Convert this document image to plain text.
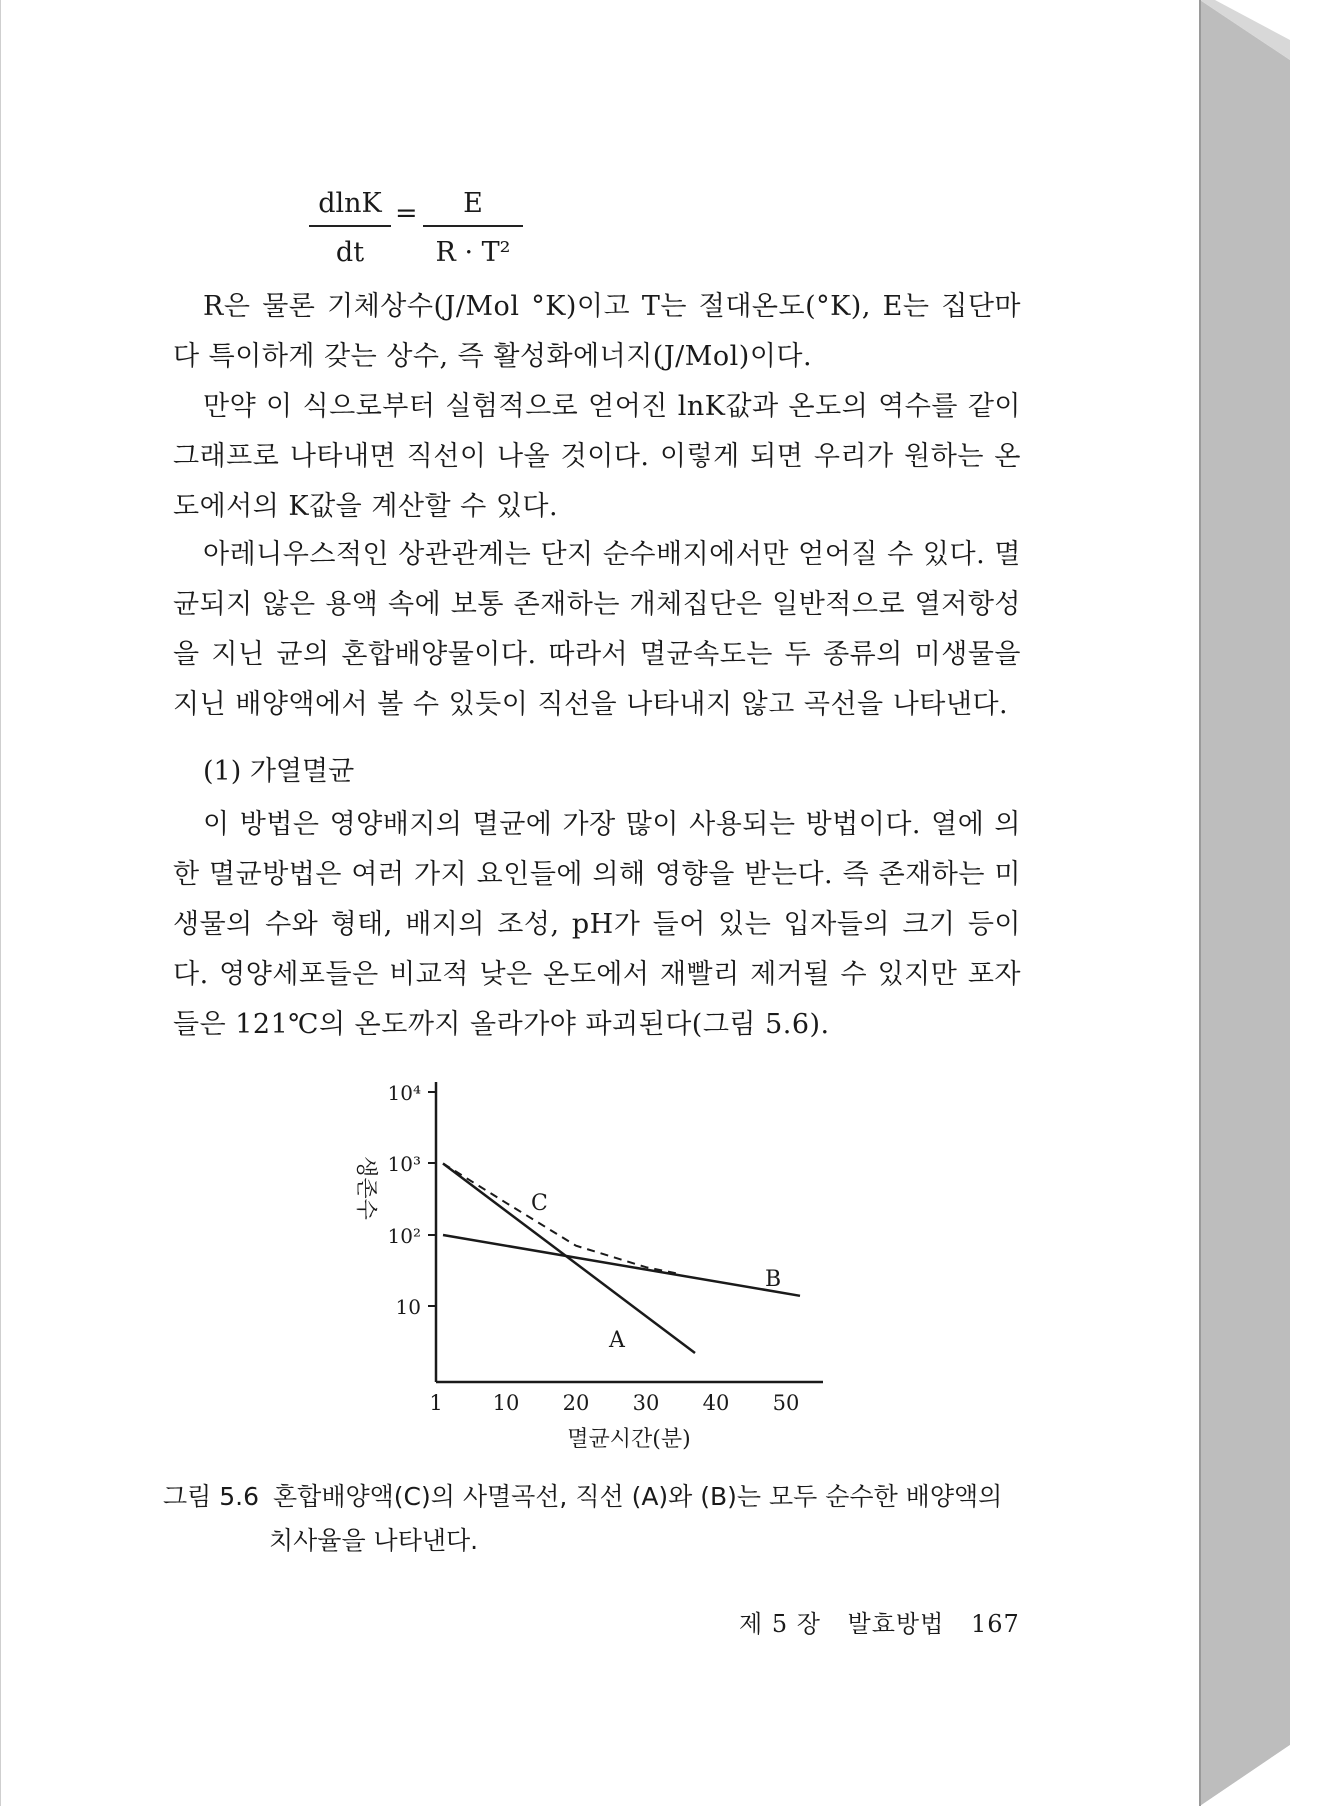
dlnK
dt
=	E
R · T²

R은 물론 기체상수(J/Mol °K)이고 T는 절대온도(°K), E는 집단마다 특이하게 갖는 상수, 즉 활성화에너지(J/Mol)이다.

만약 이 식으로부터 실험적으로 얻어진 lnK값과 온도의 역수를 같이 그래프로 나타내면 직선이 나올 것이다. 이렇게 되면 우리가 원하는 온도에서의 K값을 계산할 수 있다.

아레니우스적인 상관관계는 단지 순수배지에서만 얻어질 수 있다. 멸균되지 않은 용액 속에 보통 존재하는 개체집단은 일반적으로 열저항성을 지닌 균의 혼합배양물이다. 따라서 멸균속도는 두 종류의 미생물을 지닌 배양액에서 볼 수 있듯이 직선을 나타내지 않고 곡선을 나타낸다.

(1) 가열멸균

이 방법은 영양배지의 멸균에 가장 많이 사용되는 방법이다. 열에 의한 멸균방법은 여러 가지 요인들에 의해 영향을 받는다. 즉 존재하는 미생물의 수와 형태, 배지의 조성, pH가 들어 있는 입자들의 크기 등이다. 영양세포들은 비교적 낮은 온도에서 재빨리 제거될 수 있지만 포자들은 121℃의 온도까지 올라가야 파괴된다(그림 5.6).

10⁴
10³
10²
10
1 10 20 30 40 50
생존수
멸균시간(분)
A
B
C

그림 5.6 혼합배양액(C)의 사멸곡선, 직선 (A)와 (B)는 모두 순수한 배양액의
치사율을 나타낸다.

제 5 장 발효방법 167
